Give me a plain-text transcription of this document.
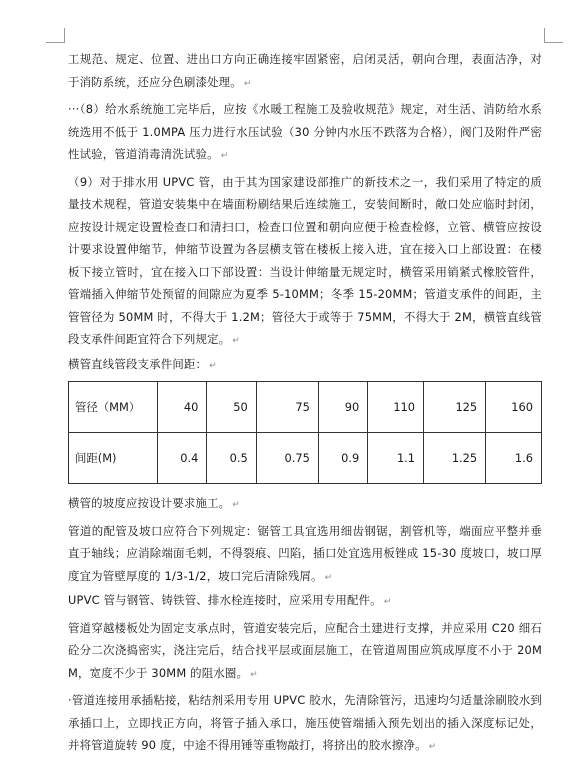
工规范、规定、位置、进出口方向正确连接牢固紧密，启闭灵活，朝向合理，表面洁净，对于消防系统，还应分色刷漆处理。 ↵

···（8）给水系统施工完毕后，应按《水暖工程施工及验收规范》规定，对生活、消防给水系统选用不低于 1.0MPA 压力进行水压试验（30 分钟内水压不跌落为合格），阀门及附件严密性试验，管道消毒清洗试验。 ↵

（9）对于排水用 UPVC 管，由于其为国家建设部推广的新技术之一，我们采用了特定的质量技术规程，管道安装集中在墙面粉刷结果后连续施工，安装间断时，敞口处应临时封闭，应按设计规定设置检查口和清扫口，检查口位置和朝向应便于检查检修，立管、横管应按设计要求设置伸缩节，伸缩节设置为各层横支管在楼板上接入进，宜在接入口上部设置：在楼板下接立管时，宜在接入口下部设置：当设计伸缩量无规定时，横管采用销紧式橡胶管件，管端插入伸缩节处预留的间隙应为夏季 5-10MM；冬季 15-20MM；管道支承件的间距，主管管径为 50MM 时，不得大于 1.2M；管径大于或等于 75MM，不得大于 2M，横管直线管段支承件间距宜符合下列规定。 ↵

横管直线管段支承件间距： ↵

管径（MM）	40	50	75	90	110	125	160
间距(M)	0.4	0.5	0.75	0.9	1.1	1.25	1.6

横管的坡度应按设计要求施工。 ↵

管道的配管及坡口应符合下列规定：锯管工具宜选用细齿钢锯，割管机等，端面应平整并垂直于轴线；应消除端面毛刺，不得裂痕、凹陷，插口处宜选用板锉成 15-30 度坡口，坡口厚度宜为管壁厚度的 1/3-1/2，坡口完后清除残屑。 ↵

UPVC 管与钢管、铸铁管、排水栓连接时，应采用专用配件。 ↵

管道穿越楼板处为固定支承点时，管道安装完后，应配合土建进行支撑，并应采用 C20 细石砼分二次浇捣密实，浇注完后，结合找平层或面层施工，在管道周围应筑成厚度不小于 20MM，宽度不少于 30MM 的阻水圈。 ↵

·管道连接用承插粘接，粘结剂采用专用 UPVC 胶水，先清除管污，迅速均匀适量涂刷胶水到承插口上，立即找正方向，将管子插入承口，施压使管端插入预先划出的插入深度标记处，并将管道旋转 90 度，中途不得用锤等重物敲打，将挤出的胶水擦净。 ↵
